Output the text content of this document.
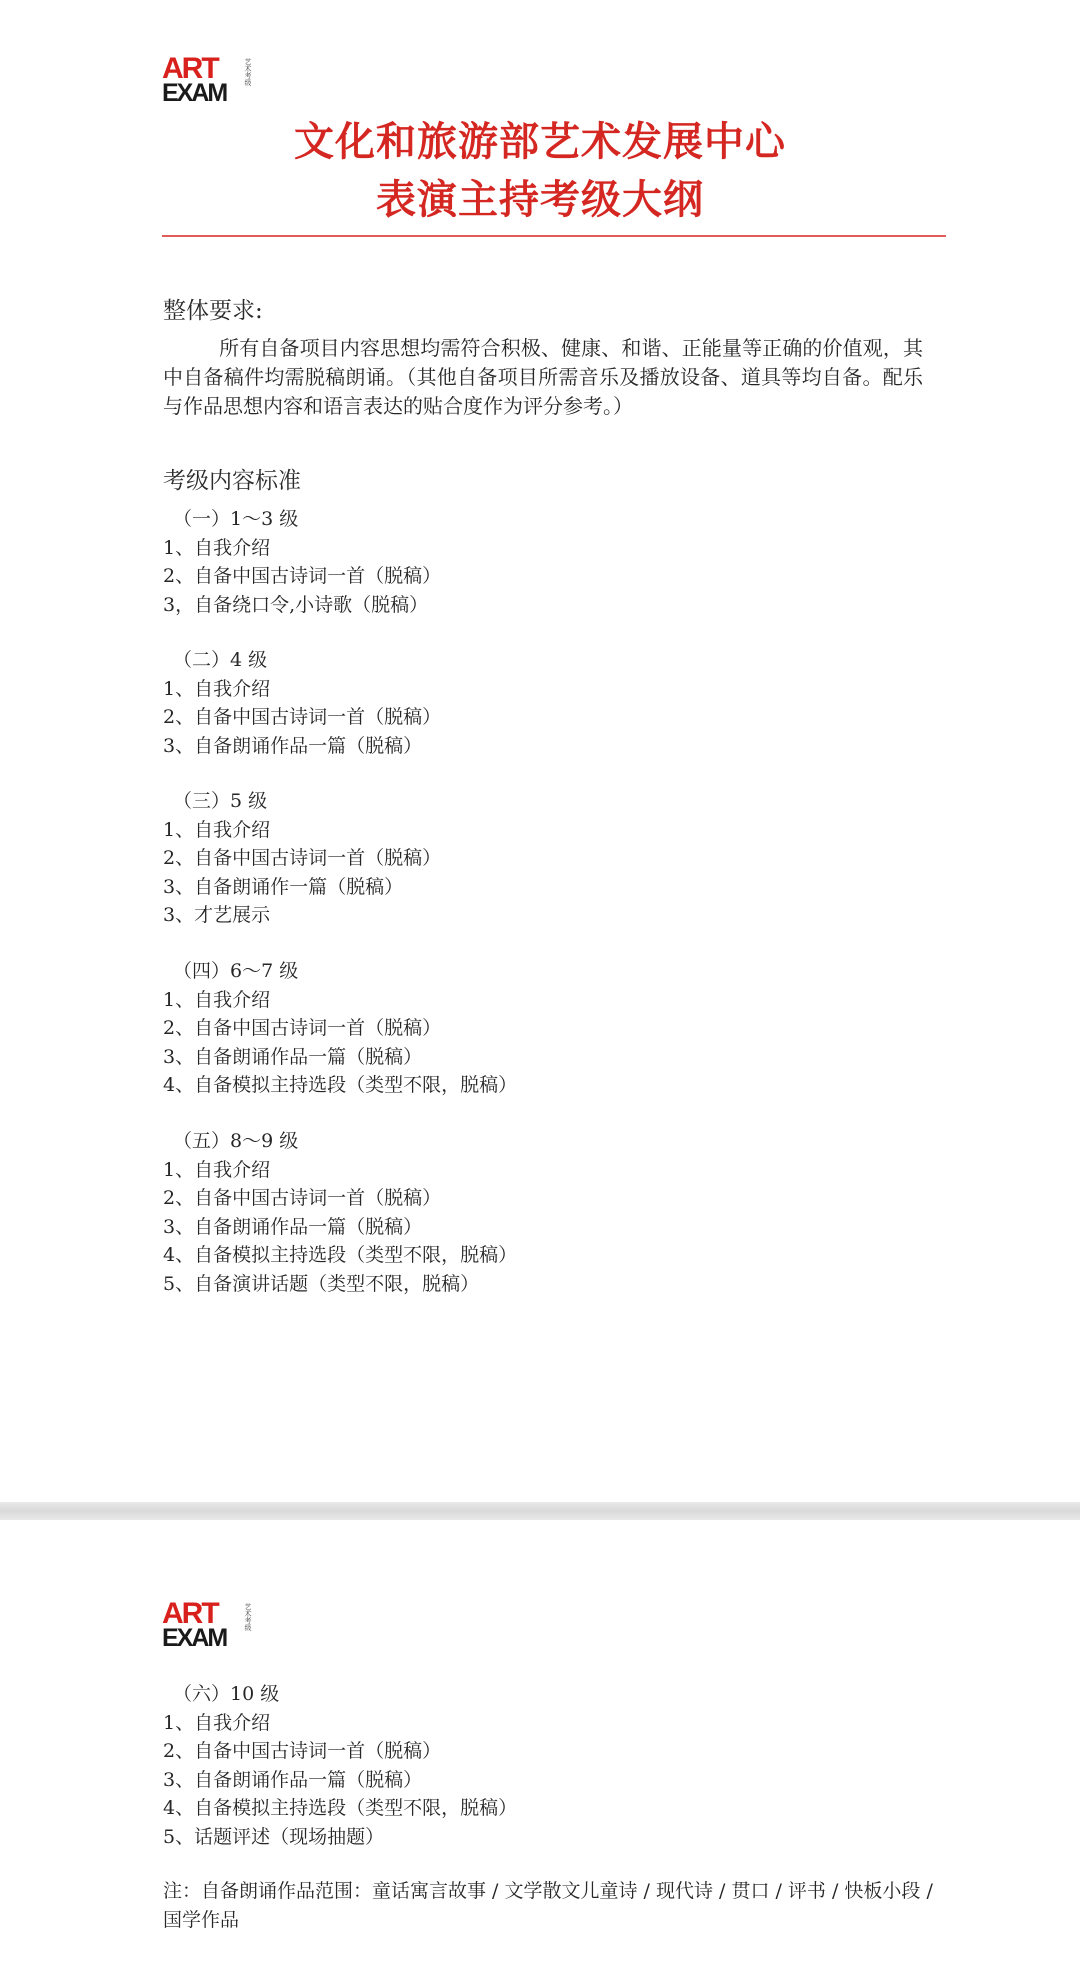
ART
EXAM
艺术考级
文化和旅游部艺术发展中心
表演主持考级大纲
整体要求:
所有自备项目内容思想均需符合积极、健康、和谐、正能量等正确的价值观，其中自备稿件均需脱稿朗诵。（其他自备项目所需音乐及播放设备、道具等均自备。配乐与作品思想内容和语言表达的贴合度作为评分参考。）
考级内容标准
（一）1～3 级
1、自我介绍
2、自备中国古诗词一首（脱稿）
3，自备绕口令,小诗歌（脱稿）
（二）4 级
1、自我介绍
2、自备中国古诗词一首（脱稿）
3、自备朗诵作品一篇（脱稿）
（三）5 级
1、自我介绍
2、自备中国古诗词一首（脱稿）
3、自备朗诵作一篇（脱稿）
3、才艺展示
（四）6～7 级
1、自我介绍
2、自备中国古诗词一首（脱稿）
3、自备朗诵作品一篇（脱稿）
4、自备模拟主持选段（类型不限，脱稿）
（五）8～9 级
1、自我介绍
2、自备中国古诗词一首（脱稿）
3、自备朗诵作品一篇（脱稿）
4、自备模拟主持选段（类型不限，脱稿）
5、自备演讲话题（类型不限，脱稿）
ART
EXAM
艺术考级
（六）10 级
1、自我介绍
2、自备中国古诗词一首（脱稿）
3、自备朗诵作品一篇（脱稿）
4、自备模拟主持选段（类型不限，脱稿）
5、话题评述（现场抽题）
注：自备朗诵作品范围：童话寓言故事 / 文学散文儿童诗 / 现代诗 / 贯口 / 评书 / 快板小段 / 国学作品
